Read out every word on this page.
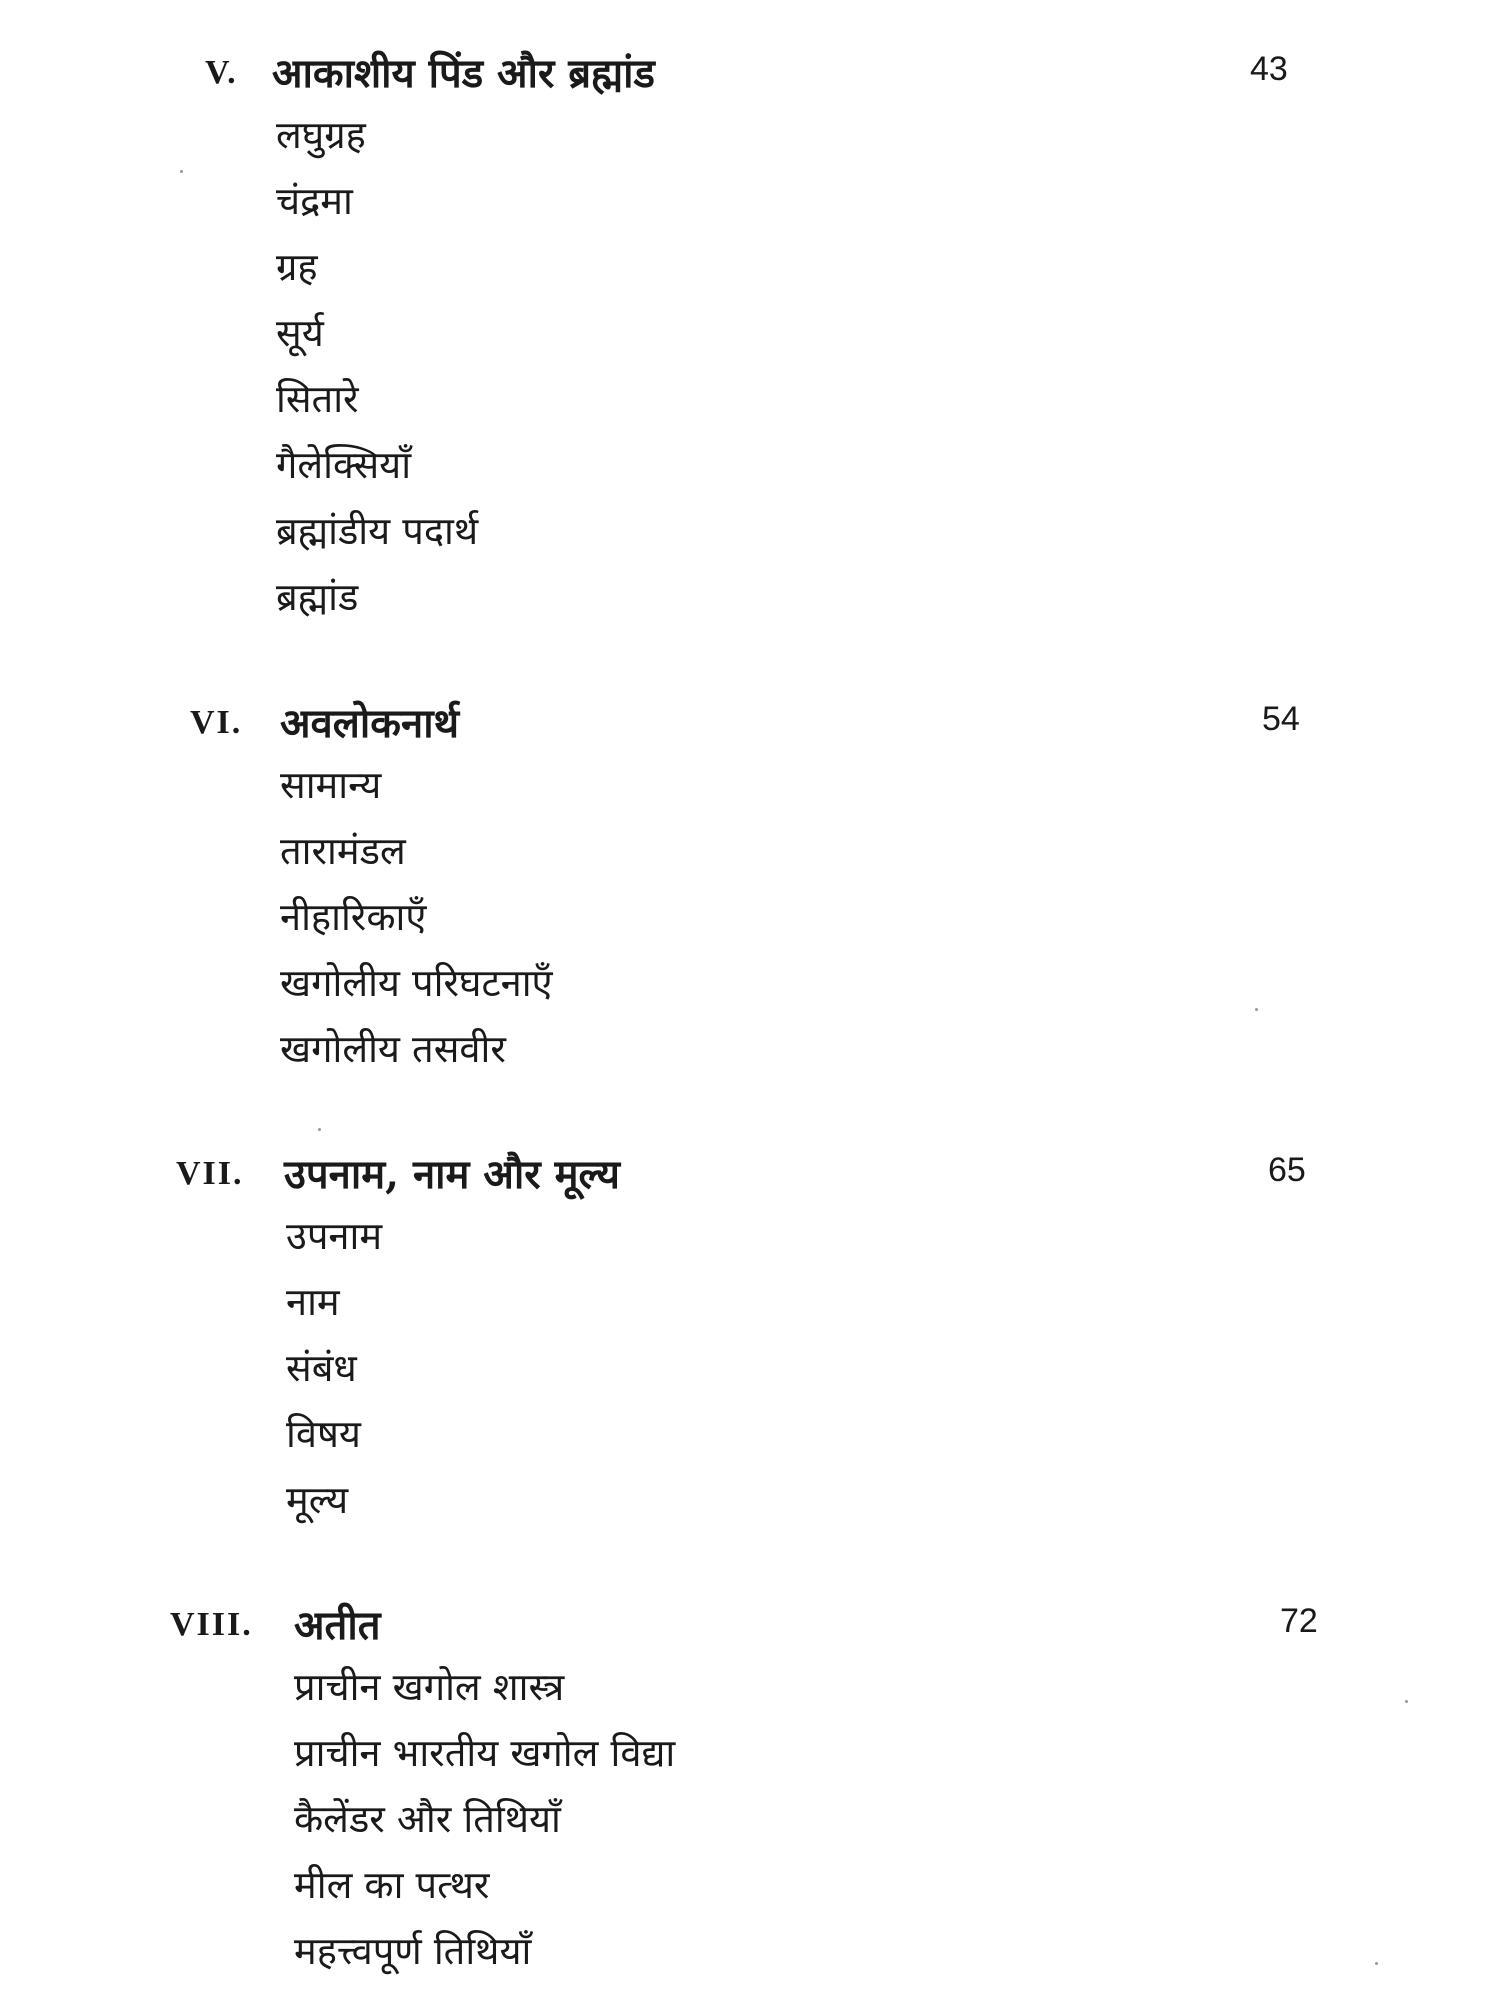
V. आकाशीय पिंड और ब्रह्मांड	43
लघुग्रह
चंद्रमा
ग्रह
सूर्य
सितारे
गैलेक्सियाँ
ब्रह्मांडीय पदार्थ
ब्रह्मांड
VI. अवलोकनार्थ	54
सामान्य
तारामंडल
नीहारिकाएँ
खगोलीय परिघटनाएँ
खगोलीय तसवीर
VII. उपनाम, नाम और मूल्य	65
उपनाम
नाम
संबंध
विषय
मूल्य
VIII. अतीत	72
प्राचीन खगोल शास्त्र
प्राचीन भारतीय खगोल विद्या
कैलेंडर और तिथियाँ
मील का पत्थर
महत्त्वपूर्ण तिथियाँ
